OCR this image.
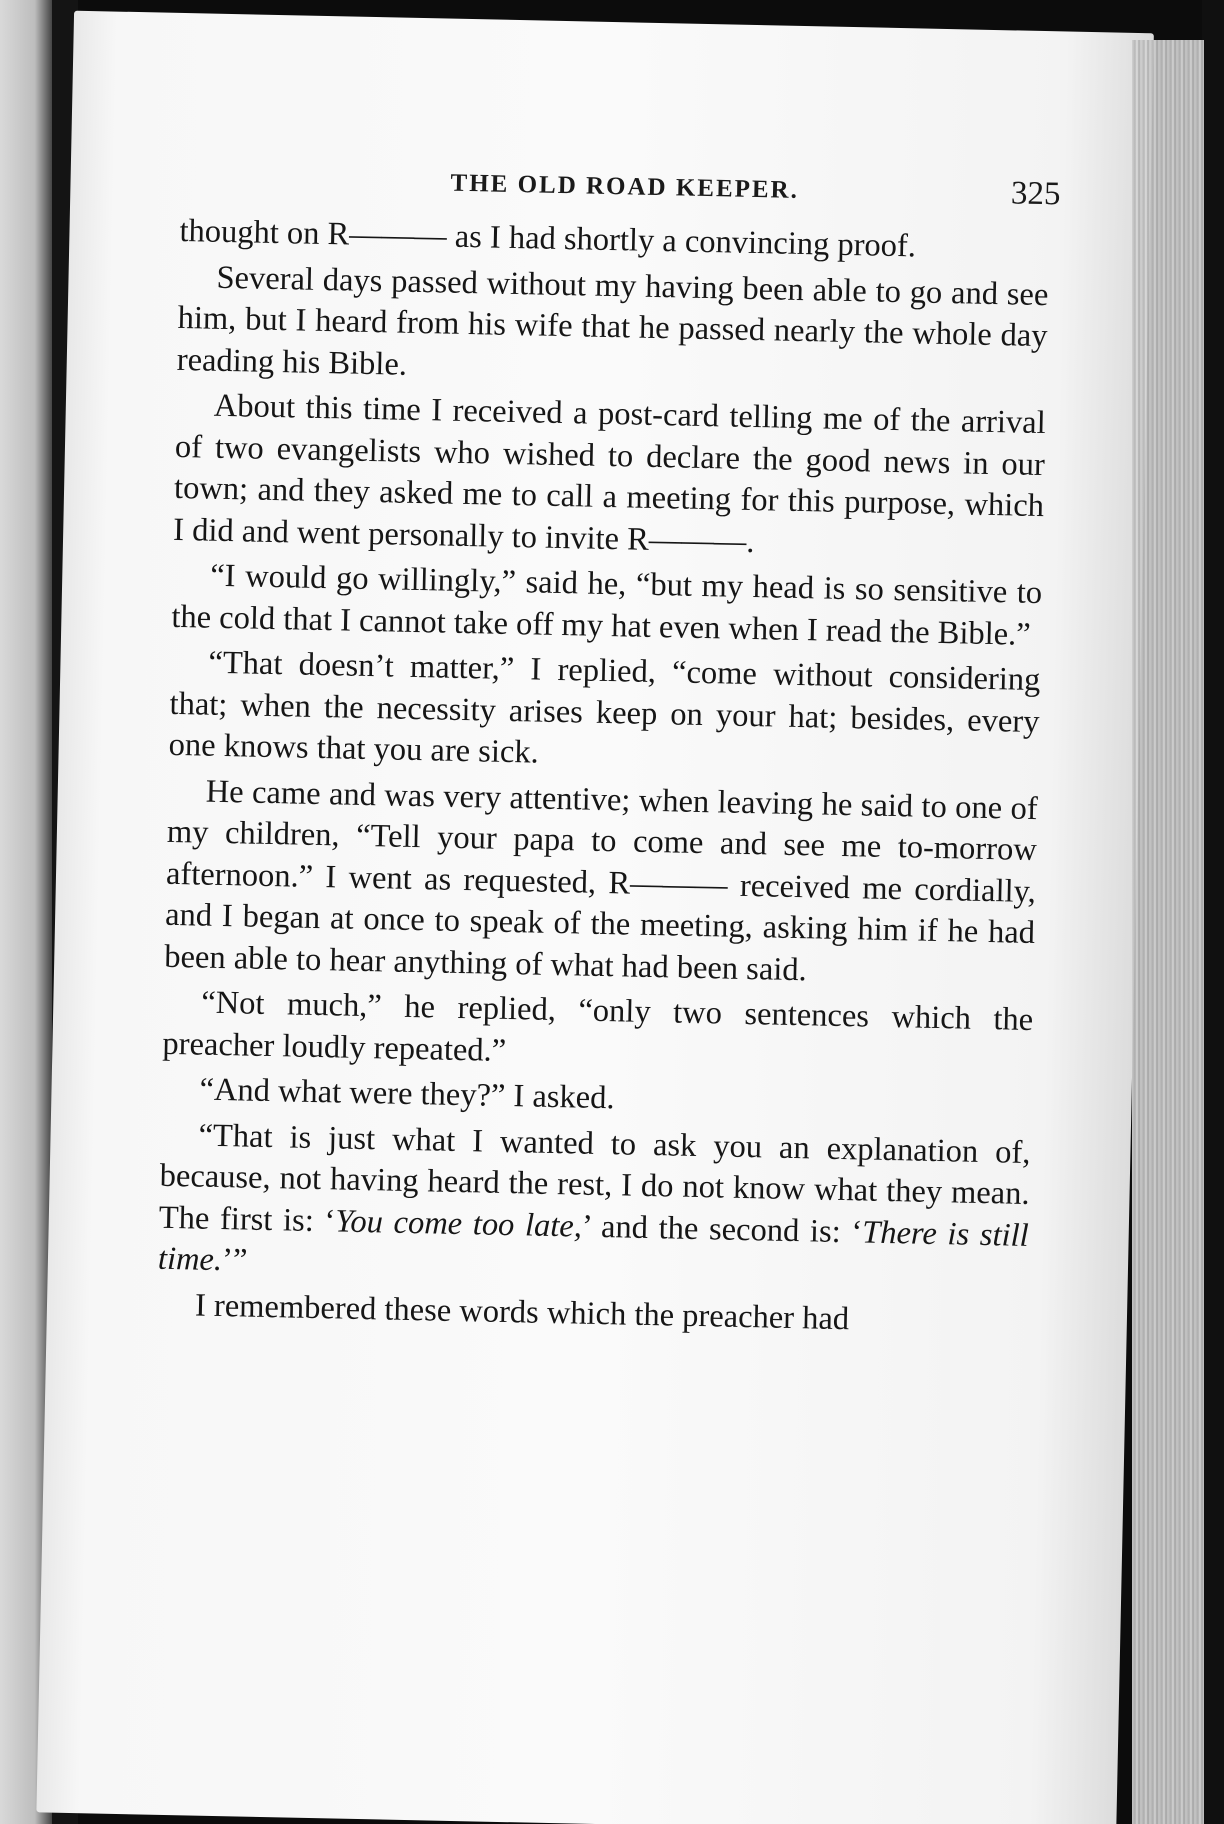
THE OLD ROAD KEEPER.	325

thought on R——— as I had shortly a convincing proof.

Several days passed without my having been able to go and see him, but I heard from his wife that he passed nearly the whole day reading his Bible.

About this time I received a post-card telling me of the arrival of two evangelists who wished to declare the good news in our town; and they asked me to call a meeting for this purpose, which I did and went personally to invite R———.

“I would go willingly,” said he, “but my head is so sensitive to the cold that I cannot take off my hat even when I read the Bible.”

“That doesn’t matter,” I replied, “come without considering that; when the necessity arises keep on your hat; besides, every one knows that you are sick.

He came and was very attentive; when leaving he said to one of my children, “Tell your papa to come and see me to-morrow afternoon.” I went as requested, R——— received me cordially, and I began at once to speak of the meeting, asking him if he had been able to hear anything of what had been said.

“Not much,” he replied, “only two sentences which the preacher loudly repeated.”

“And what were they?” I asked.

“That is just what I wanted to ask you an explanation of, because, not having heard the rest, I do not know what they mean. The first is: ‘You come too late,’ and the second is: ‘There is still time.’”

I remembered these words which the preacher had
